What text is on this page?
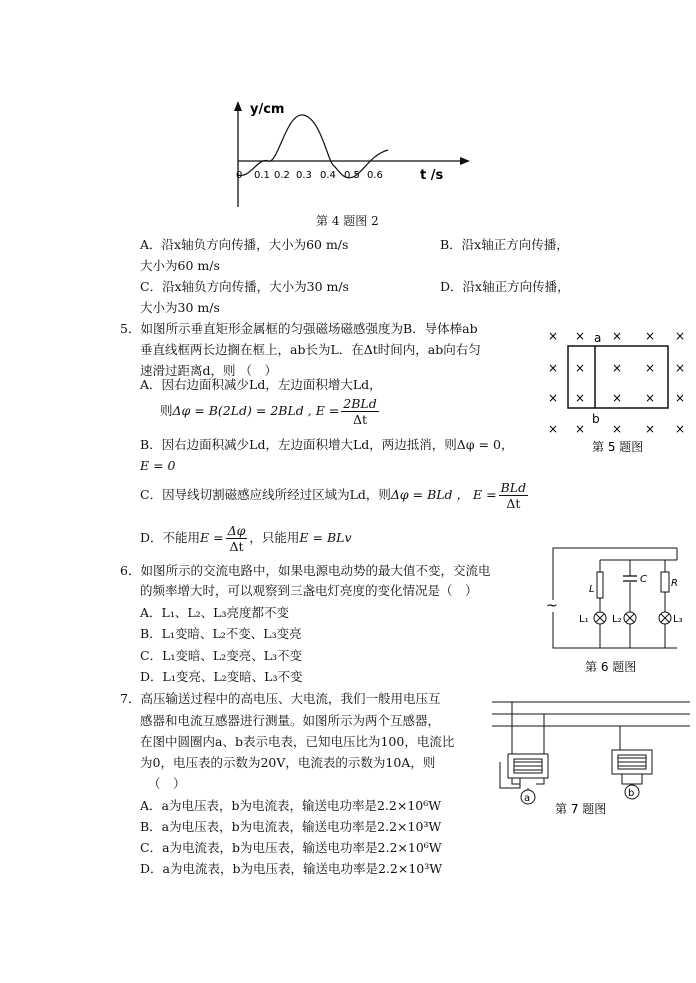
y/cm
t /s
0 0.1 0.2 0.3 0.4 0.5 0.6
第 4 题图 2
A．沿x轴负方向传播，大小为60 m/s	B．沿x轴正方向传播，
大小为60 m/s
C．沿x轴负方向传播，大小为30 m/s	D．沿x轴正方向传播，
大小为30 m/s
5．如图所示垂直矩形金属框的匀强磁场磁感强度为B．导体棒ab
垂直线框两长边搁在框上，ab长为L．在Δt时间内，ab向右匀
速滑过距离d，则 （　）
A．因右边面积减少Ld，左边面积增大Ld，
则Δφ = B(2Ld) = 2BLd , $E = \frac{\text{2BLd}}{\Delta t}$
B．因右边面积减少Ld，左边面积增大Ld，两边抵消，则Δφ = 0，
E = 0
C．因导线切割磁感应线所经过区域为Ld，则Δφ = BLd ， $E = \frac{\text{BLd}}{\Delta t}$
D．不能用$E = \frac{\Delta\varphi}{\Delta t}$ ，只能用E = BLv
a
b
× × × × ×
× × × × ×
× × × × ×
× × × × ×
第 5 题图
6．如图所示的交流电路中，如果电源电动势的最大值不变，交流电
的频率增大时，可以观察到三盏电灯亮度的变化情况是（　）
A．L₁、L₂、L₃亮度都不变
B．L₁变暗、L₂不变、L₃变亮
C．L₁变暗、L₂变亮、L₃不变
D．L₁变亮、L₂变暗、L₃不变
~
L
C R
L₁ L₂	L₃
第 6 题图
7．高压输送过程中的高电压、大电流，我们一般用电压互
感器和电流互感器进行测量。如图所示为两个互感器，
在图中圆圈内a、b表示电表，已知电压比为100，电流比
为0，电压表的示数为20V，电流表的示数为10A，则
（　）
A．a为电压表，b为电流表，输送电功率是2.2×10⁶W
B．a为电压表，b为电流表，输送电功率是2.2×10³W
C．a为电流表，b为电压表，输送电功率是2.2×10⁶W
D．a为电流表，b为电压表，输送电功率是2.2×10³W
a	b
第 7 题图
